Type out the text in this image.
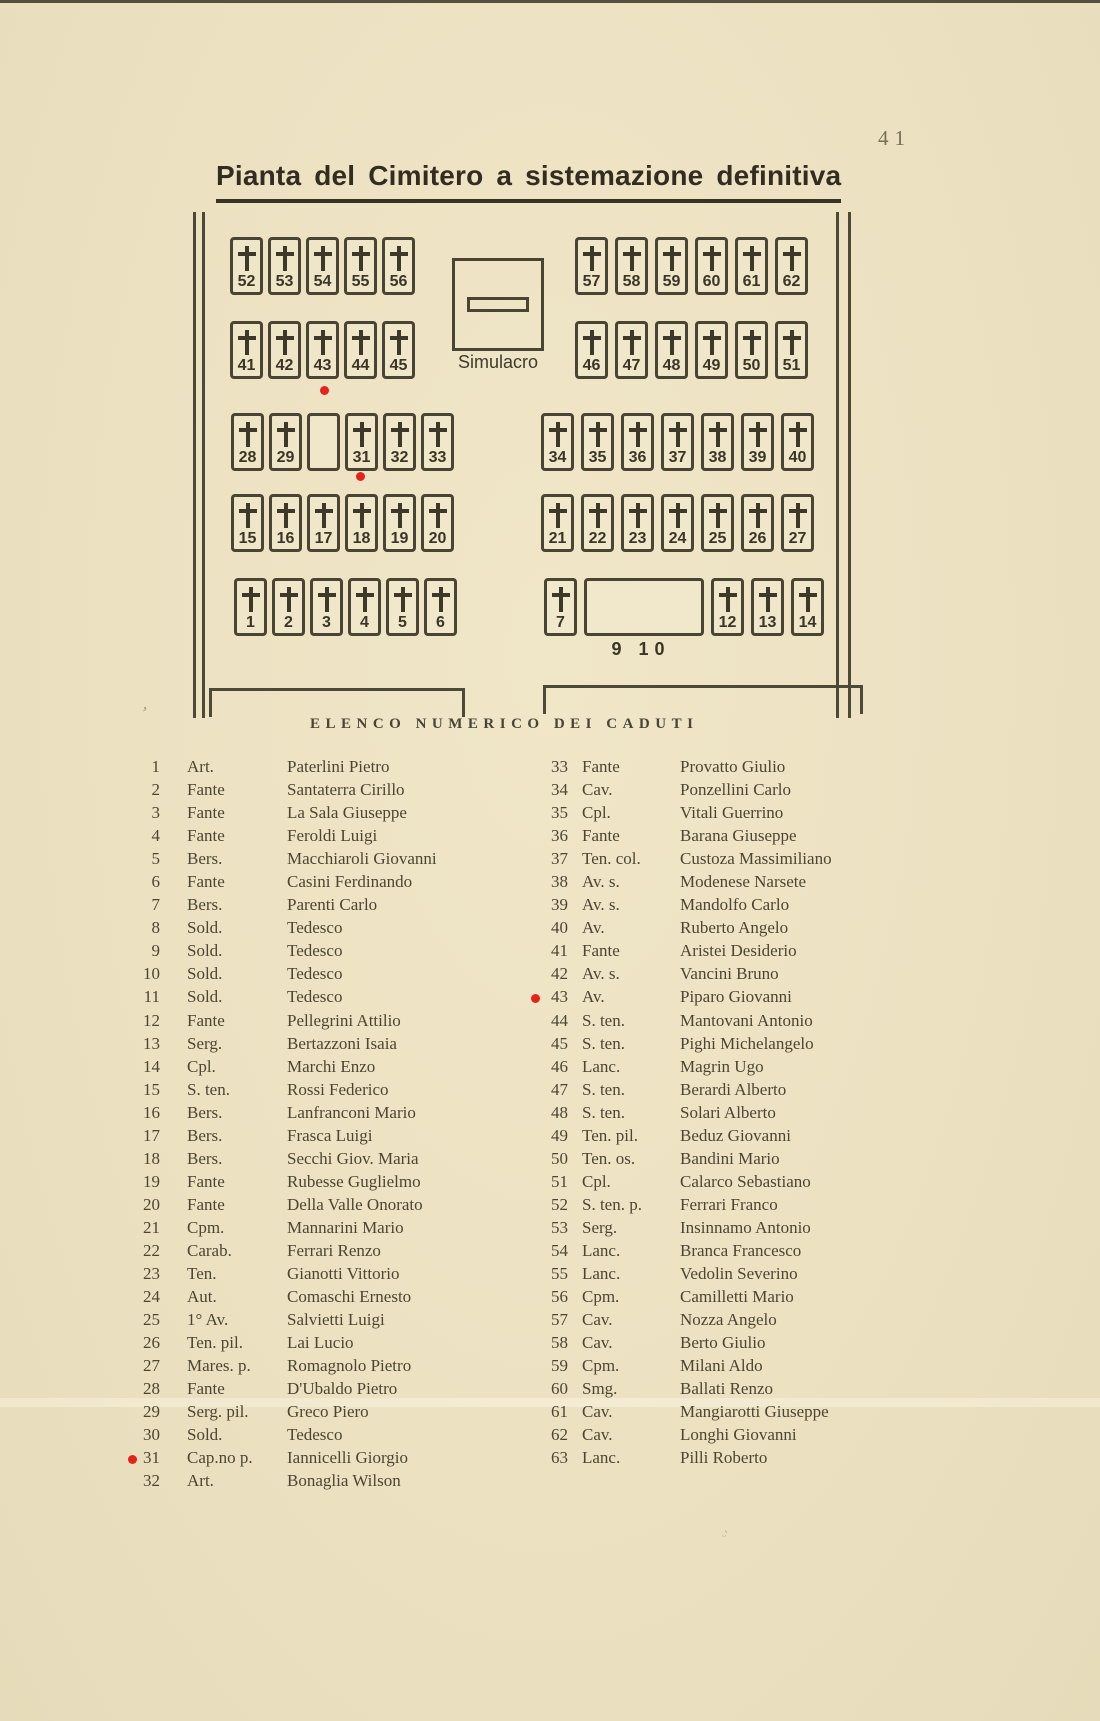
ᵕ͛
,
41
Pianta del Cimitero a sistemazione definitiva
52 53 54 55 56	57 58 59 60 61 62
41 42 43 44 45	46 47 48 49 50 51
28 29	31 32 33	34 35 36 37 38 39 40
15 16 17 18 19 20	21 22 23 24 25 26 27
1	2	3	4	5	6	7	12 13 14
Simulacro
9 10
ELENCO NUMERICO DEI CADUTI
1 Art.	Paterlini Pietro
2 Fante	Santaterra Cirillo
3 Fante	La Sala Giuseppe
4 Fante	Feroldi Luigi
5 Bers.	Macchiaroli Giovanni
6 Fante	Casini Ferdinando
7 Bers.	Parenti Carlo
8 Sold.	Tedesco
9 Sold.	Tedesco
10 Sold.	Tedesco
11 Sold.	Tedesco
12 Fante	Pellegrini Attilio
13 Serg.	Bertazzoni Isaia
14 Cpl.	Marchi Enzo
15 S. ten.	Rossi Federico
16 Bers.	Lanfranconi Mario
17 Bers.	Frasca Luigi
18 Bers.	Secchi Giov. Maria
19 Fante	Rubesse Guglielmo
20 Fante	Della Valle Onorato
21 Cpm.	Mannarini Mario
22 Carab.	Ferrari Renzo
23 Ten.	Gianotti Vittorio
24 Aut.	Comaschi Ernesto
25 1° Av.	Salvietti Luigi
26 Ten. pil.	Lai Lucio
27 Mares. p.	Romagnolo Pietro
28 Fante	D'Ubaldo Pietro
29 Serg. pil.	Greco Piero
30 Sold.	Tedesco
31 Cap.no p.	Iannicelli Giorgio
32 Art.	Bonaglia Wilson
33 Fante	Provatto Giulio
34 Cav.	Ponzellini Carlo
35 Cpl.	Vitali Guerrino
36 Fante	Barana Giuseppe
37 Ten. col.	Custoza Massimiliano
38 Av. s.	Modenese Narsete
39 Av. s.	Mandolfo Carlo
40 Av.	Ruberto Angelo
41 Fante	Aristei Desiderio
42 Av. s.	Vancini Bruno
43 Av.	Piparo Giovanni
44 S. ten.	Mantovani Antonio
45 S. ten.	Pighi Michelangelo
46 Lanc.	Magrin Ugo
47 S. ten.	Berardi Alberto
48 S. ten.	Solari Alberto
49 Ten. pil.	Beduz Giovanni
50 Ten. os.	Bandini Mario
51 Cpl.	Calarco Sebastiano
52 S. ten. p.	Ferrari Franco
53 Serg.	Insinnamo Antonio
54 Lanc.	Branca Francesco
55 Lanc.	Vedolin Severino
56 Cpm.	Camilletti Mario
57 Cav.	Nozza Angelo
58 Cav.	Berto Giulio
59 Cpm.	Milani Aldo
60 Smg.	Ballati Renzo
61 Cav.	Mangiarotti Giuseppe
62 Cav.	Longhi Giovanni
63 Lanc.	Pilli Roberto
